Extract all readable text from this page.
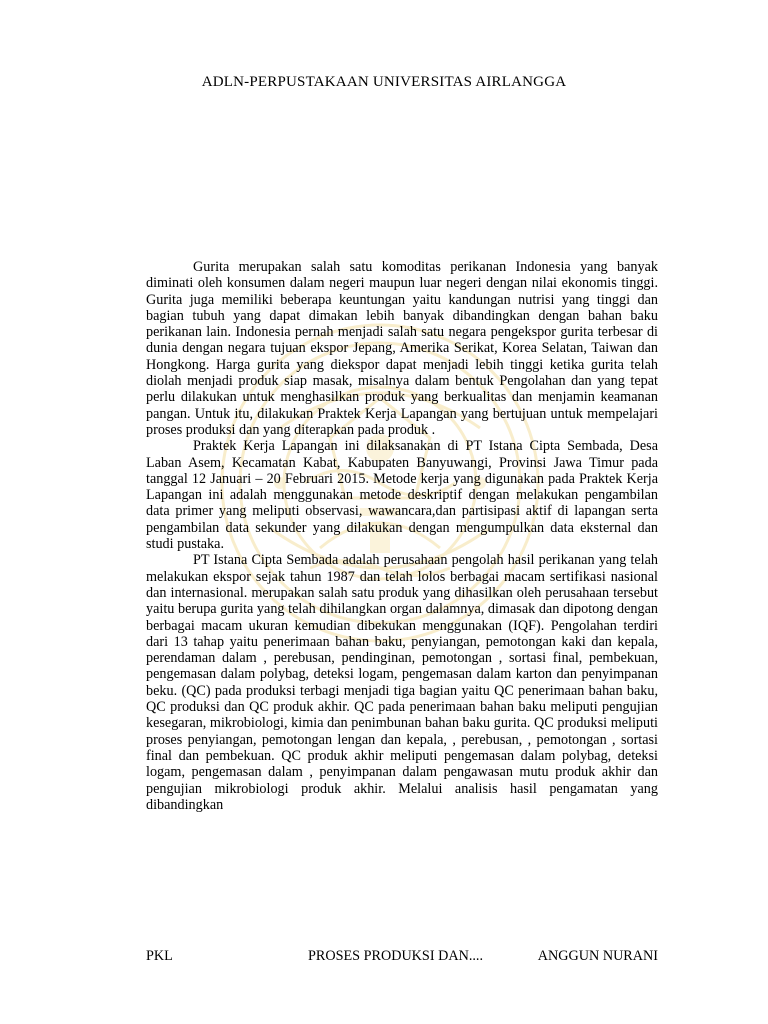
ADLN-PERPUSTAKAAN UNIVERSITAS AIRLANGGA

Gurita merupakan salah satu komoditas perikanan Indonesia yang banyak diminati oleh konsumen dalam negeri maupun luar negeri dengan nilai ekonomis tinggi. Gurita juga memiliki beberapa keuntungan yaitu kandungan nutrisi yang tinggi dan bagian tubuh yang dapat dimakan lebih banyak dibandingkan dengan bahan baku perikanan lain. Indonesia pernah menjadi salah satu negara pengekspor gurita terbesar di dunia dengan negara tujuan ekspor Jepang, Amerika Serikat, Korea Selatan, Taiwan dan Hongkong. Harga gurita yang diekspor dapat menjadi lebih tinggi ketika gurita telah diolah menjadi produk siap masak, misalnya dalam bentuk Pengolahan dan yang tepat perlu dilakukan untuk menghasilkan produk yang berkualitas dan menjamin keamanan pangan. Untuk itu, dilakukan Praktek Kerja Lapangan yang bertujuan untuk mempelajari proses produksi dan yang diterapkan pada produk .

Praktek Kerja Lapangan ini dilaksanakan di PT Istana Cipta Sembada, Desa Laban Asem, Kecamatan Kabat, Kabupaten Banyuwangi, Provinsi Jawa Timur pada tanggal 12 Januari – 20 Februari 2015. Metode kerja yang digunakan pada Praktek Kerja Lapangan ini adalah menggunakan metode deskriptif dengan melakukan pengambilan data primer yang meliputi observasi, wawancara,dan partisipasi aktif di lapangan serta pengambilan data sekunder yang dilakukan dengan mengumpulkan data eksternal dan studi pustaka.

PT Istana Cipta Sembada adalah perusahaan pengolah hasil perikanan yang telah melakukan ekspor sejak tahun 1987 dan telah lolos berbagai macam sertifikasi nasional dan internasional. merupakan salah satu produk yang dihasilkan oleh perusahaan tersebut yaitu berupa gurita yang telah dihilangkan organ dalamnya, dimasak dan dipotong dengan berbagai macam ukuran kemudian dibekukan menggunakan (IQF). Pengolahan terdiri dari 13 tahap yaitu penerimaan bahan baku, penyiangan, pemotongan kaki dan kepala, perendaman dalam , perebusan, pendinginan, pemotongan , sortasi final, pembekuan, pengemasan dalam polybag, deteksi logam, pengemasan dalam karton dan penyimpanan beku. (QC) pada produksi terbagi menjadi tiga bagian yaitu QC penerimaan bahan baku, QC produksi dan QC produk akhir. QC pada penerimaan bahan baku meliputi pengujian kesegaran, mikrobiologi, kimia dan penimbunan bahan baku gurita. QC produksi meliputi proses penyiangan, pemotongan lengan dan kepala, , perebusan, , pemotongan , sortasi final dan pembekuan. QC produk akhir meliputi pengemasan dalam polybag, deteksi logam, pengemasan dalam , penyimpanan dalam pengawasan mutu produk akhir dan pengujian mikrobiologi produk akhir. Melalui analisis hasil pengamatan yang dibandingkan

PKL	PROSES PRODUKSI DAN....	ANGGUN NURANI
